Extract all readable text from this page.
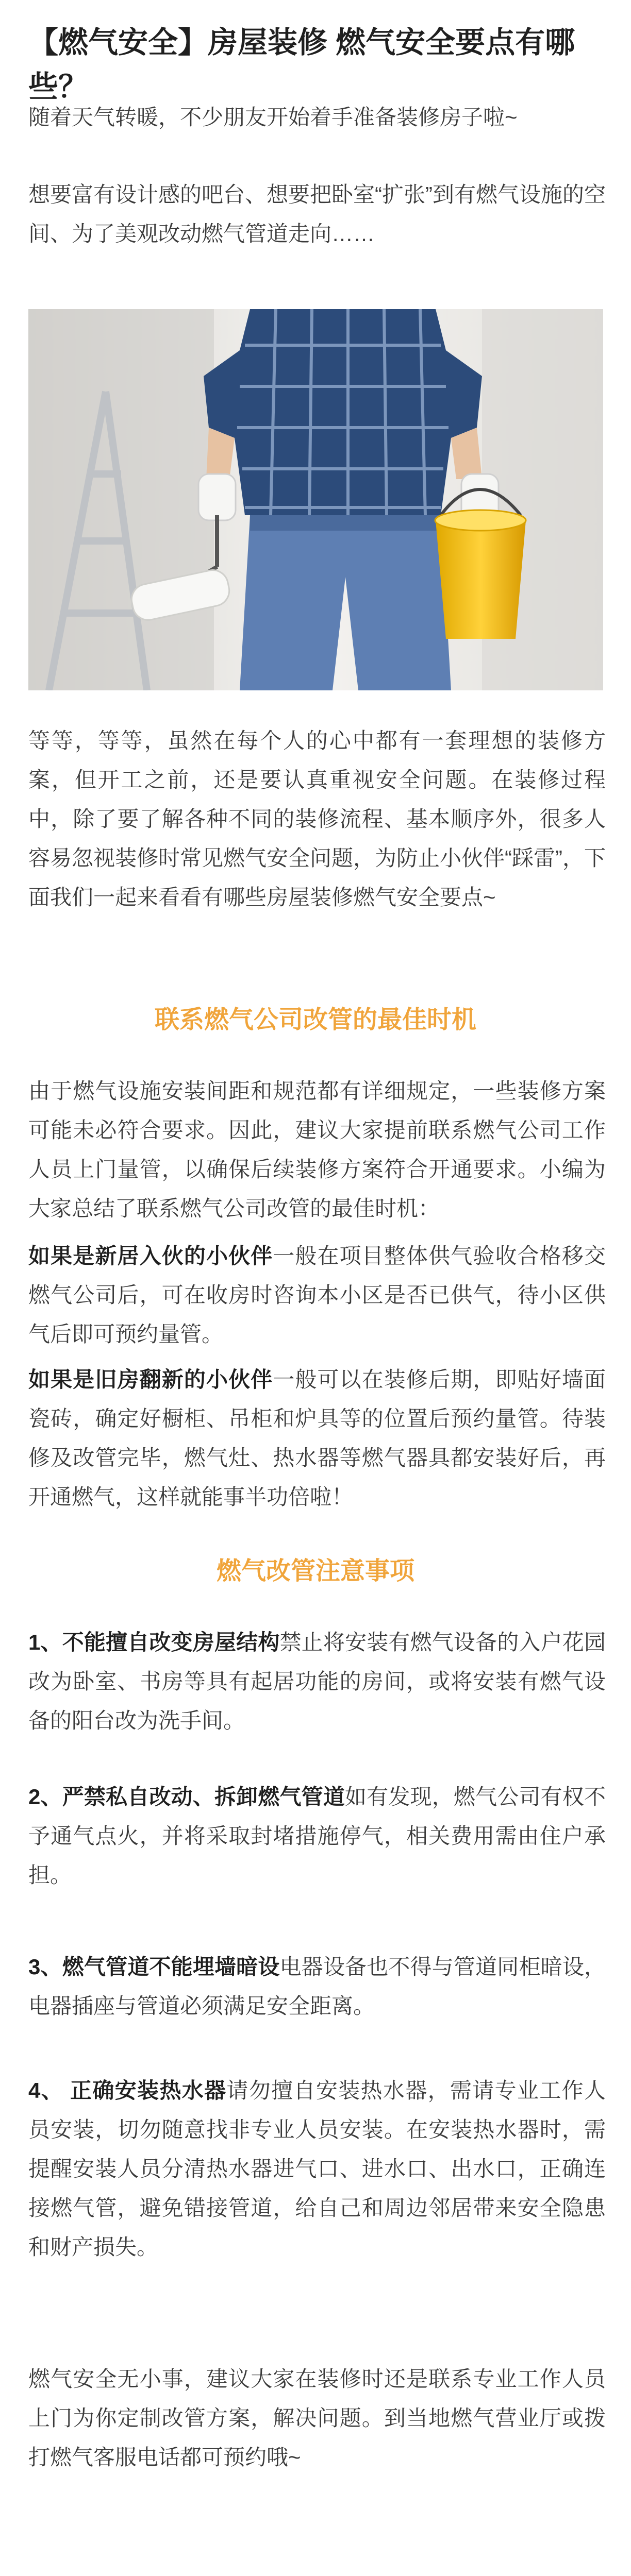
【燃气安全】房屋装修 燃气安全要点有哪些？

随着天气转暖，不少朋友开始着手准备装修房子啦~

想要富有设计感的吧台、想要把卧室“扩张”到有燃气设施的空间、为了美观改动燃气管道走向……

等等，等等，虽然在每个人的心中都有一套理想的装修方案，但开工之前，还是要认真重视安全问题。在装修过程中，除了要了解各种不同的装修流程、基本顺序外，很多人容易忽视装修时常见燃气安全问题，为防止小伙伴“踩雷”，下面我们一起来看看有哪些房屋装修燃气安全要点~

联系燃气公司改管的最佳时机

由于燃气设施安装间距和规范都有详细规定，一些装修方案可能未必符合要求。因此，建议大家提前联系燃气公司工作人员上门量管，以确保后续装修方案符合开通要求。小编为大家总结了联系燃气公司改管的最佳时机：

如果是新居入伙的小伙伴一般在项目整体供气验收合格移交燃气公司后，可在收房时咨询本小区是否已供气，待小区供气后即可预约量管。

如果是旧房翻新的小伙伴一般可以在装修后期，即贴好墙面瓷砖，确定好橱柜、吊柜和炉具等的位置后预约量管。待装修及改管完毕，燃气灶、热水器等燃气器具都安装好后，再开通燃气，这样就能事半功倍啦！

燃气改管注意事项

1、不能擅自改变房屋结构禁止将安装有燃气设备的入户花园改为卧室、书房等具有起居功能的房间，或将安装有燃气设备的阳台改为洗手间。

2、严禁私自改动、拆卸燃气管道如有发现，燃气公司有权不予通气点火，并将采取封堵措施停气，相关费用需由住户承担。

3、燃气管道不能埋墙暗设电器设备也不得与管道同柜暗设，电器插座与管道必须满足安全距离。

4、 正确安装热水器请勿擅自安装热水器，需请专业工作人员安装，切勿随意找非专业人员安装。在安装热水器时，需提醒安装人员分清热水器进气口、进水口、出水口，正确连接燃气管，避免错接管道，给自己和周边邻居带来安全隐患和财产损失。

燃气安全无小事，建议大家在装修时还是联系专业工作人员上门为你定制改管方案，解决问题。到当地燃气营业厅或拨打燃气客服电话都可预约哦~
